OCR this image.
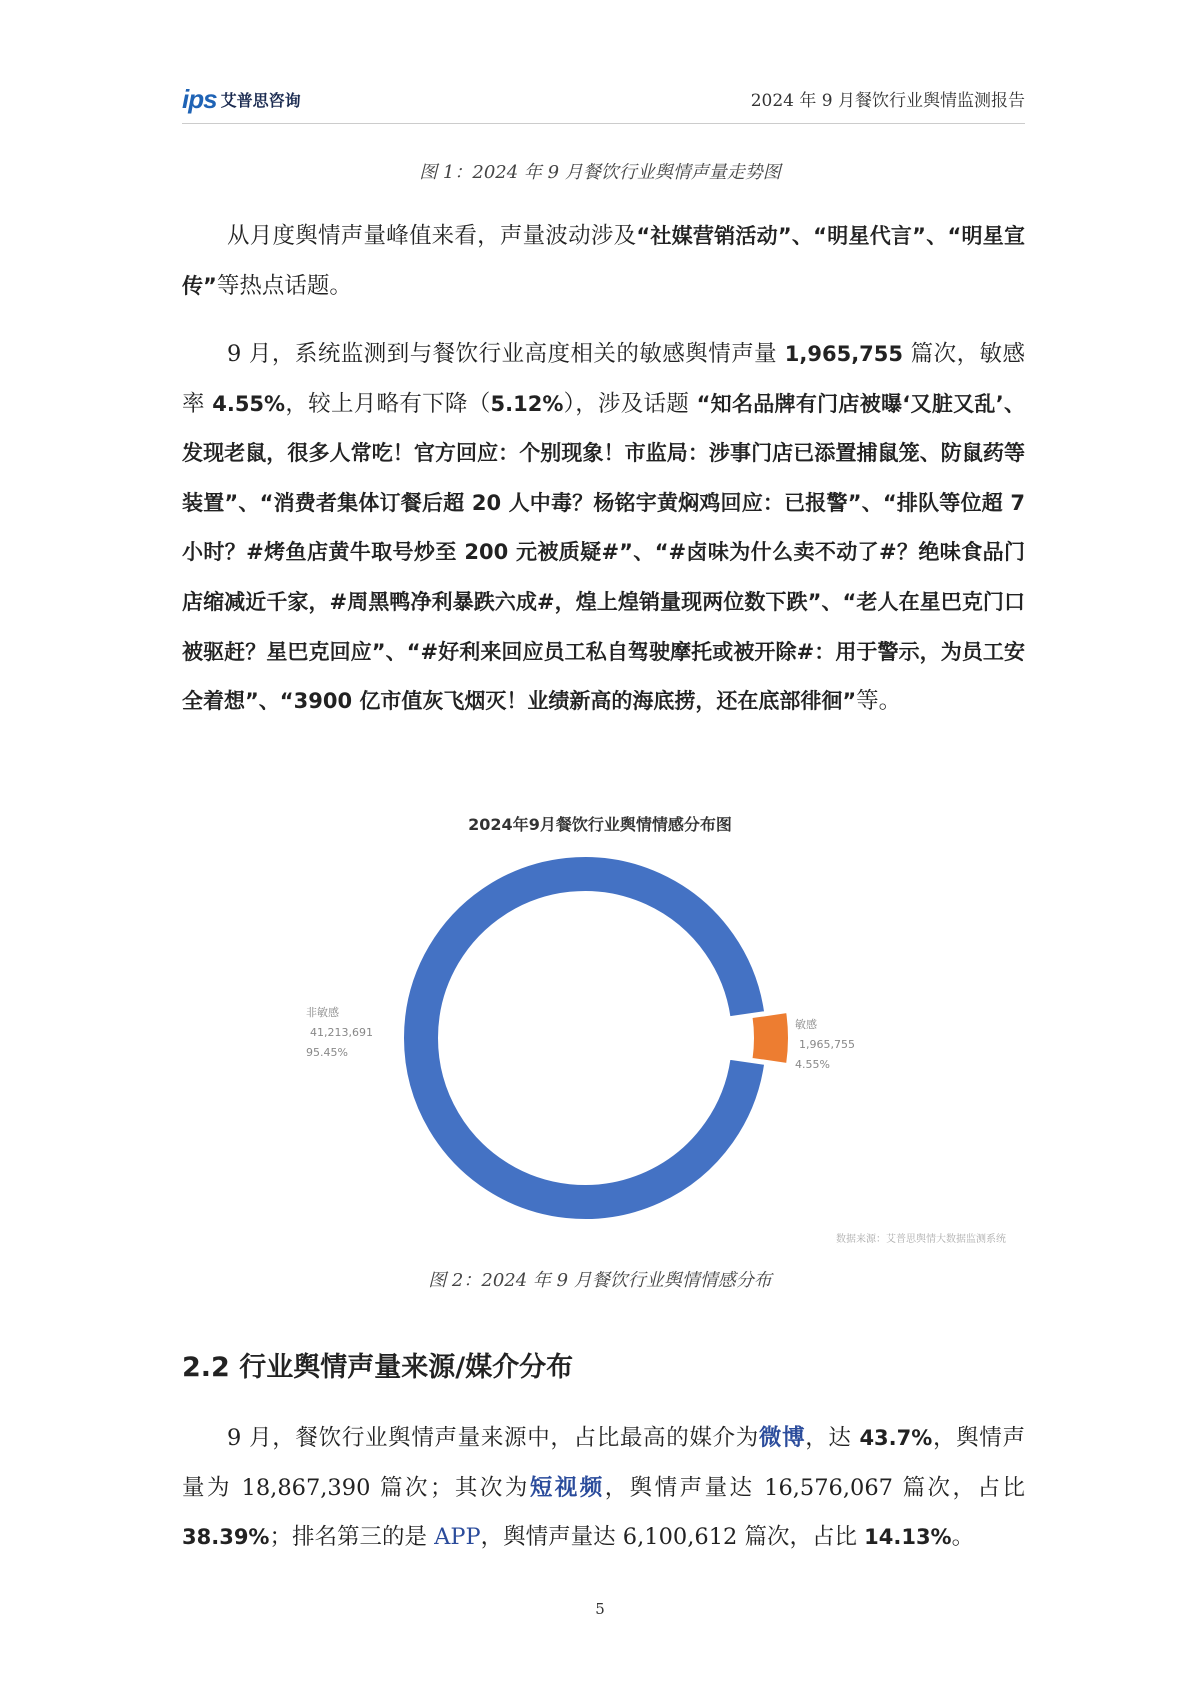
ips 艾普思咨询	2024 年 9 月餐饮行业舆情监测报告
图 1：2024 年 9 月餐饮行业舆情声量走势图
从月度舆情声量峰值来看，声量波动涉及“社媒营销活动”、“明星代言”、“明星宣传”等热点话题。
9 月，系统监测到与餐饮行业高度相关的敏感舆情声量 1,965,755 篇次，敏感率 4.55%，较上月略有下降（5.12%），涉及话题 “知名品牌有门店被曝‘又脏又乱’、发现老鼠，很多人常吃！官方回应：个别现象！市监局：涉事门店已添置捕鼠笼、防鼠药等装置”、“消费者集体订餐后超 20 人中毒？杨铭宇黄焖鸡回应：已报警”、“排队等位超 7 小时？#烤鱼店黄牛取号炒至 200 元被质疑#”、“#卤味为什么卖不动了#？绝味食品门店缩减近千家，#周黑鸭净利暴跌六成#，煌上煌销量现两位数下跌”、“老人在星巴克门口被驱赶？星巴克回应”、“#好利来回应员工私自驾驶摩托或被开除#：用于警示，为员工安全着想”、“3900 亿市值灰飞烟灭！业绩新高的海底捞，还在底部徘徊”等。
2024年9月餐饮行业舆情情感分布图
非敏感
41,213,691
95.45%
敏感
1,965,755
4.55%
数据来源：艾普思舆情大数据监测系统
图 2：2024 年 9 月餐饮行业舆情情感分布
2.2 行业舆情声量来源/媒介分布
9 月，餐饮行业舆情声量来源中，占比最高的媒介为微博，达 43.7%，舆情声量为 18,867,390 篇次；其次为短视频，舆情声量达 16,576,067 篇次，占比 38.39%；排名第三的是 APP，舆情声量达 6,100,612 篇次，占比 14.13%。
5
